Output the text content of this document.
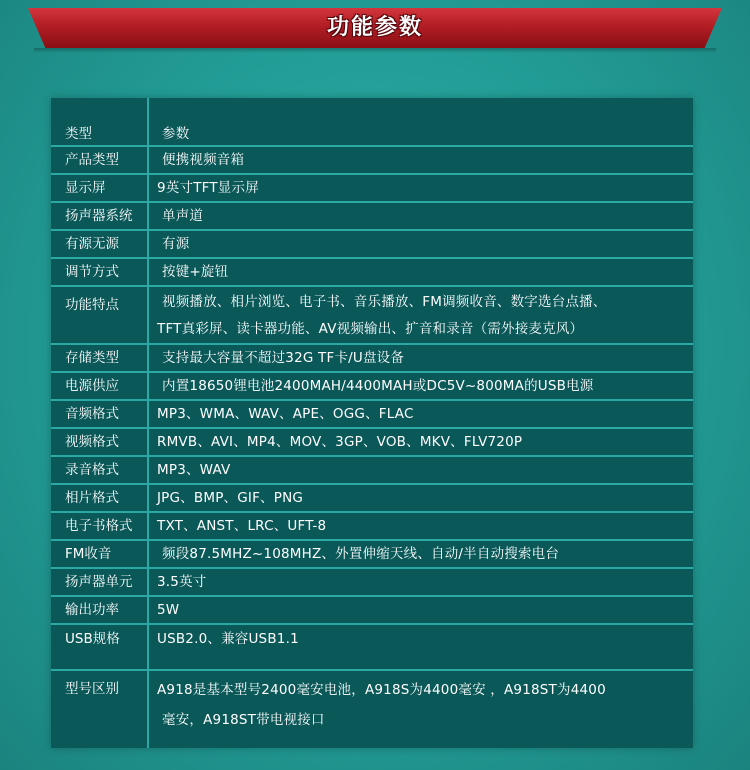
功能参数
类型	参数
产品类型	便携视频音箱
显示屏	9英寸TFT显示屏
扬声器系统	单声道
有源无源	有源
调节方式	按键+旋钮
功能特点	视频播放、相片浏览、电子书、音乐播放、FM调频收音、数字选台点播、
TFT真彩屏、读卡器功能、AV视频输出、扩音和录音（需外接麦克风）
存储类型	支持最大容量不超过32G TF卡/U盘设备
电源供应	内置18650锂电池2400MAH/4400MAH或DC5V~800MA的USB电源
音频格式	MP3、WMA、WAV、APE、OGG、FLAC
视频格式	RMVB、AVI、MP4、MOV、3GP、VOB、MKV、FLV720P
录音格式	MP3、WAV
相片格式	JPG、BMP、GIF、PNG
电子书格式	TXT、ANST、LRC、UFT-8
FM收音	频段87.5MHZ~108MHZ、外置伸缩天线、自动/半自动搜索电台
扬声器单元	3.5英寸
输出功率	5W
USB规格	USB2.0、兼容USB1.1
型号区别	A918是基本型号2400毫安电池，A918S为4400毫安 ，A918ST为4400
毫安，A918ST带电视接口
